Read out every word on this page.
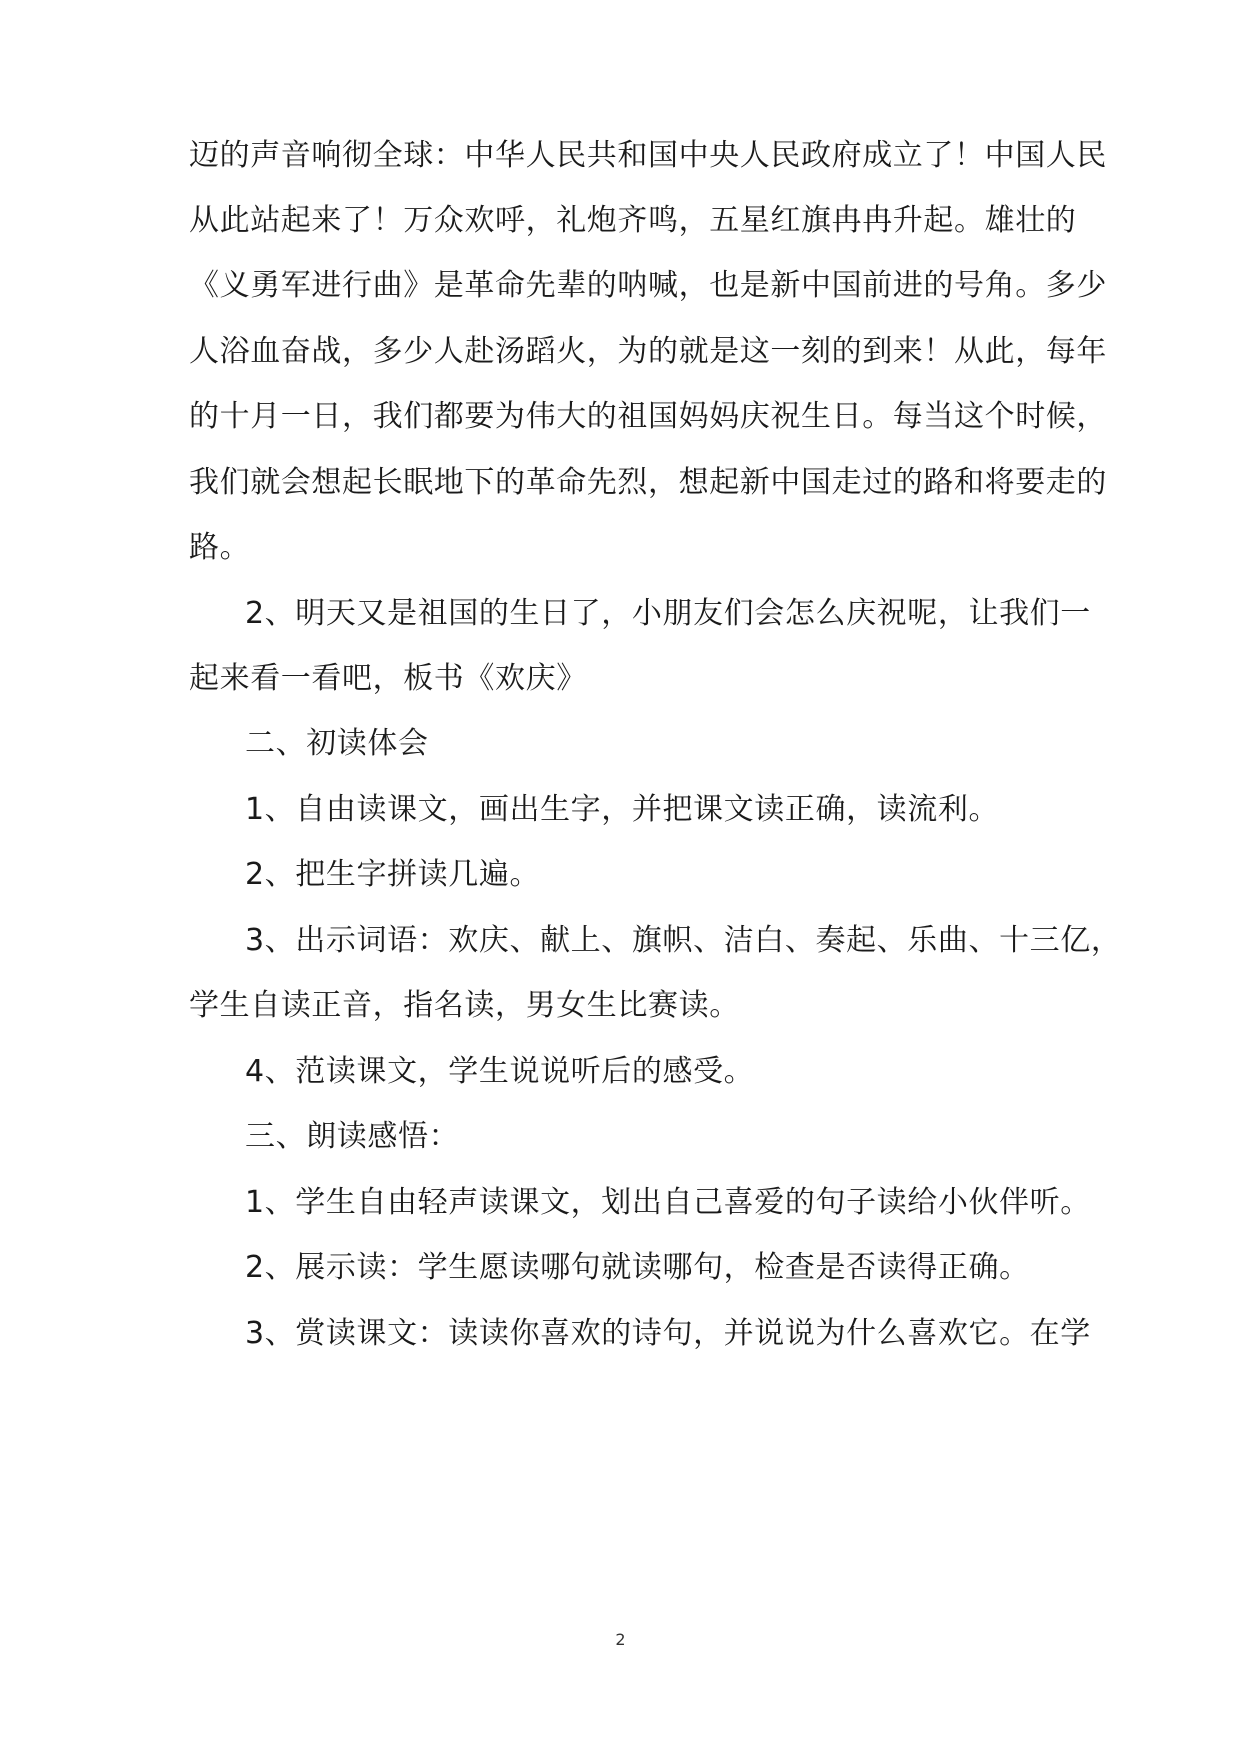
迈的声音响彻全球：中华人民共和国中央人民政府成立了！中国人民
从此站起来了！万众欢呼，礼炮齐鸣，五星红旗冉冉升起。雄壮的
《义勇军进行曲》是革命先辈的呐喊，也是新中国前进的号角。多少
人浴血奋战，多少人赴汤蹈火，为的就是这一刻的到来！从此，每年
的十月一日，我们都要为伟大的祖国妈妈庆祝生日。每当这个时候，
我们就会想起长眠地下的革命先烈，想起新中国走过的路和将要走的
路。
2、明天又是祖国的生日了，小朋友们会怎么庆祝呢，让我们一
起来看一看吧，板书《欢庆》
二、初读体会
1、自由读课文，画出生字，并把课文读正确，读流利。
2、把生字拼读几遍。
3、出示词语：欢庆、献上、旗帜、洁白、奏起、乐曲、十三亿，
学生自读正音，指名读，男女生比赛读。
4、范读课文，学生说说听后的感受。
三、朗读感悟：
1、学生自由轻声读课文，划出自己喜爱的句子读给小伙伴听。
2、展示读：学生愿读哪句就读哪句，检查是否读得正确。
3、赏读课文：读读你喜欢的诗句，并说说为什么喜欢它。在学
2
